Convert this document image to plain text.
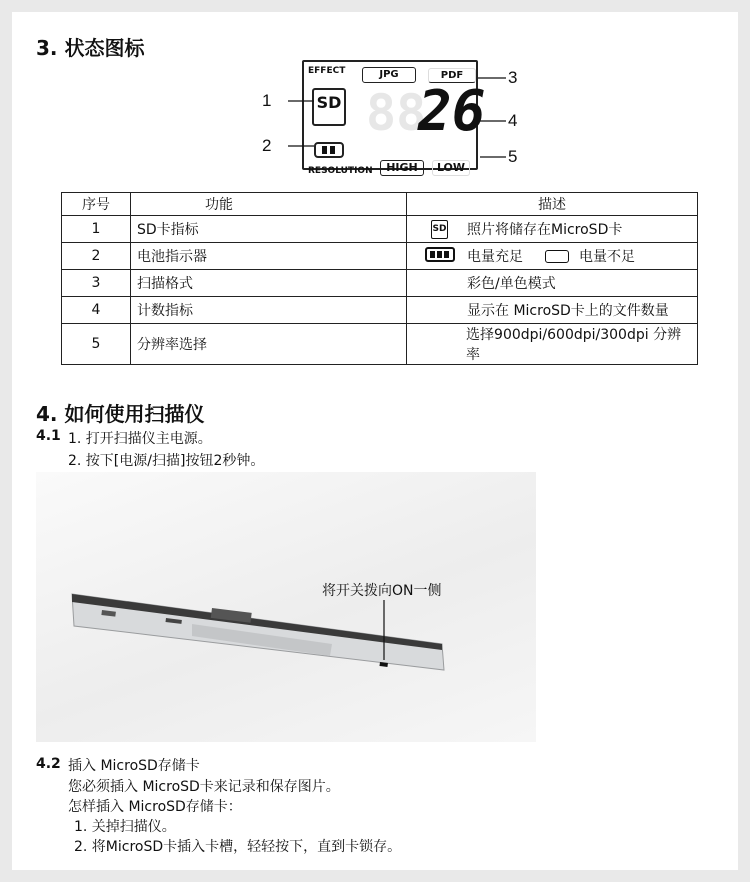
3. 状态图标
EFFECT	JPG	PDF
SD 88
26
RESOLUTION	HIGH	LOW
1
2
3
4
5
序号	功能	描述
1	SD卡指标	SD 照片将储存在MicroSD卡

2	电池指示器	电量充足 电量不足

3	扫描格式	彩色/单色模式

4	计数指标	显示在 MicroSD卡上的文件数量

5	分辨率选择	选择900dpi/600dpi/300dpi 分辨率
4. 如何使用扫描仪
4.1 1. 打开扫描仪主电源。
2. 按下[电源/扫描]按钮2秒钟。
将开关拨向ON一侧
4.2 插入 MicroSD存储卡
您必须插入 MicroSD卡来记录和保存图片。
怎样插入 MicroSD存储卡：
1. 关掉扫描仪。
2. 将MicroSD卡插入卡槽，轻轻按下，直到卡锁存。
